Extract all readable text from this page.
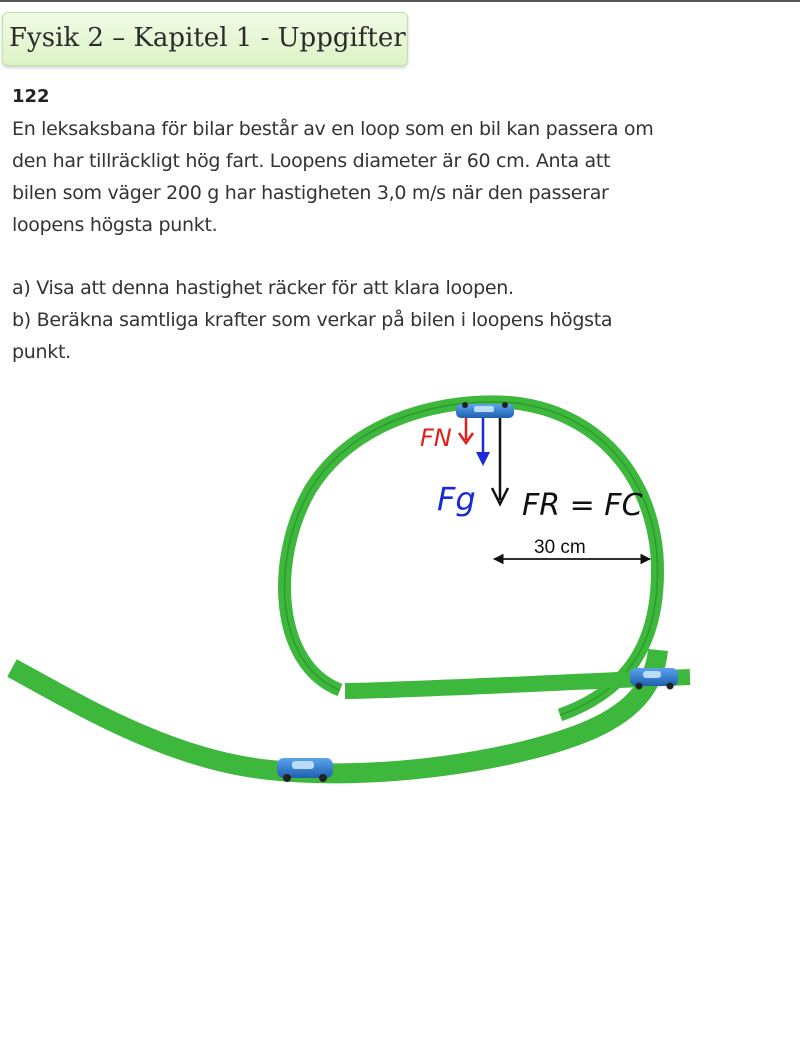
Fysik 2 – Kapitel 1 - Uppgifter
122
En leksaksbana för bilar består av en loop som en bil kan passera om
den har tillräckligt hög fart. Loopens diameter är 60 cm. Anta att
bilen som väger 200 g har hastigheten 3,0 m/s när den passerar
loopens högsta punkt.
a) Visa att denna hastighet räcker för att klara loopen.
b) Beräkna samtliga krafter som verkar på bilen i loopens högsta
punkt.
FN
Fg FR = FC
30 cm
